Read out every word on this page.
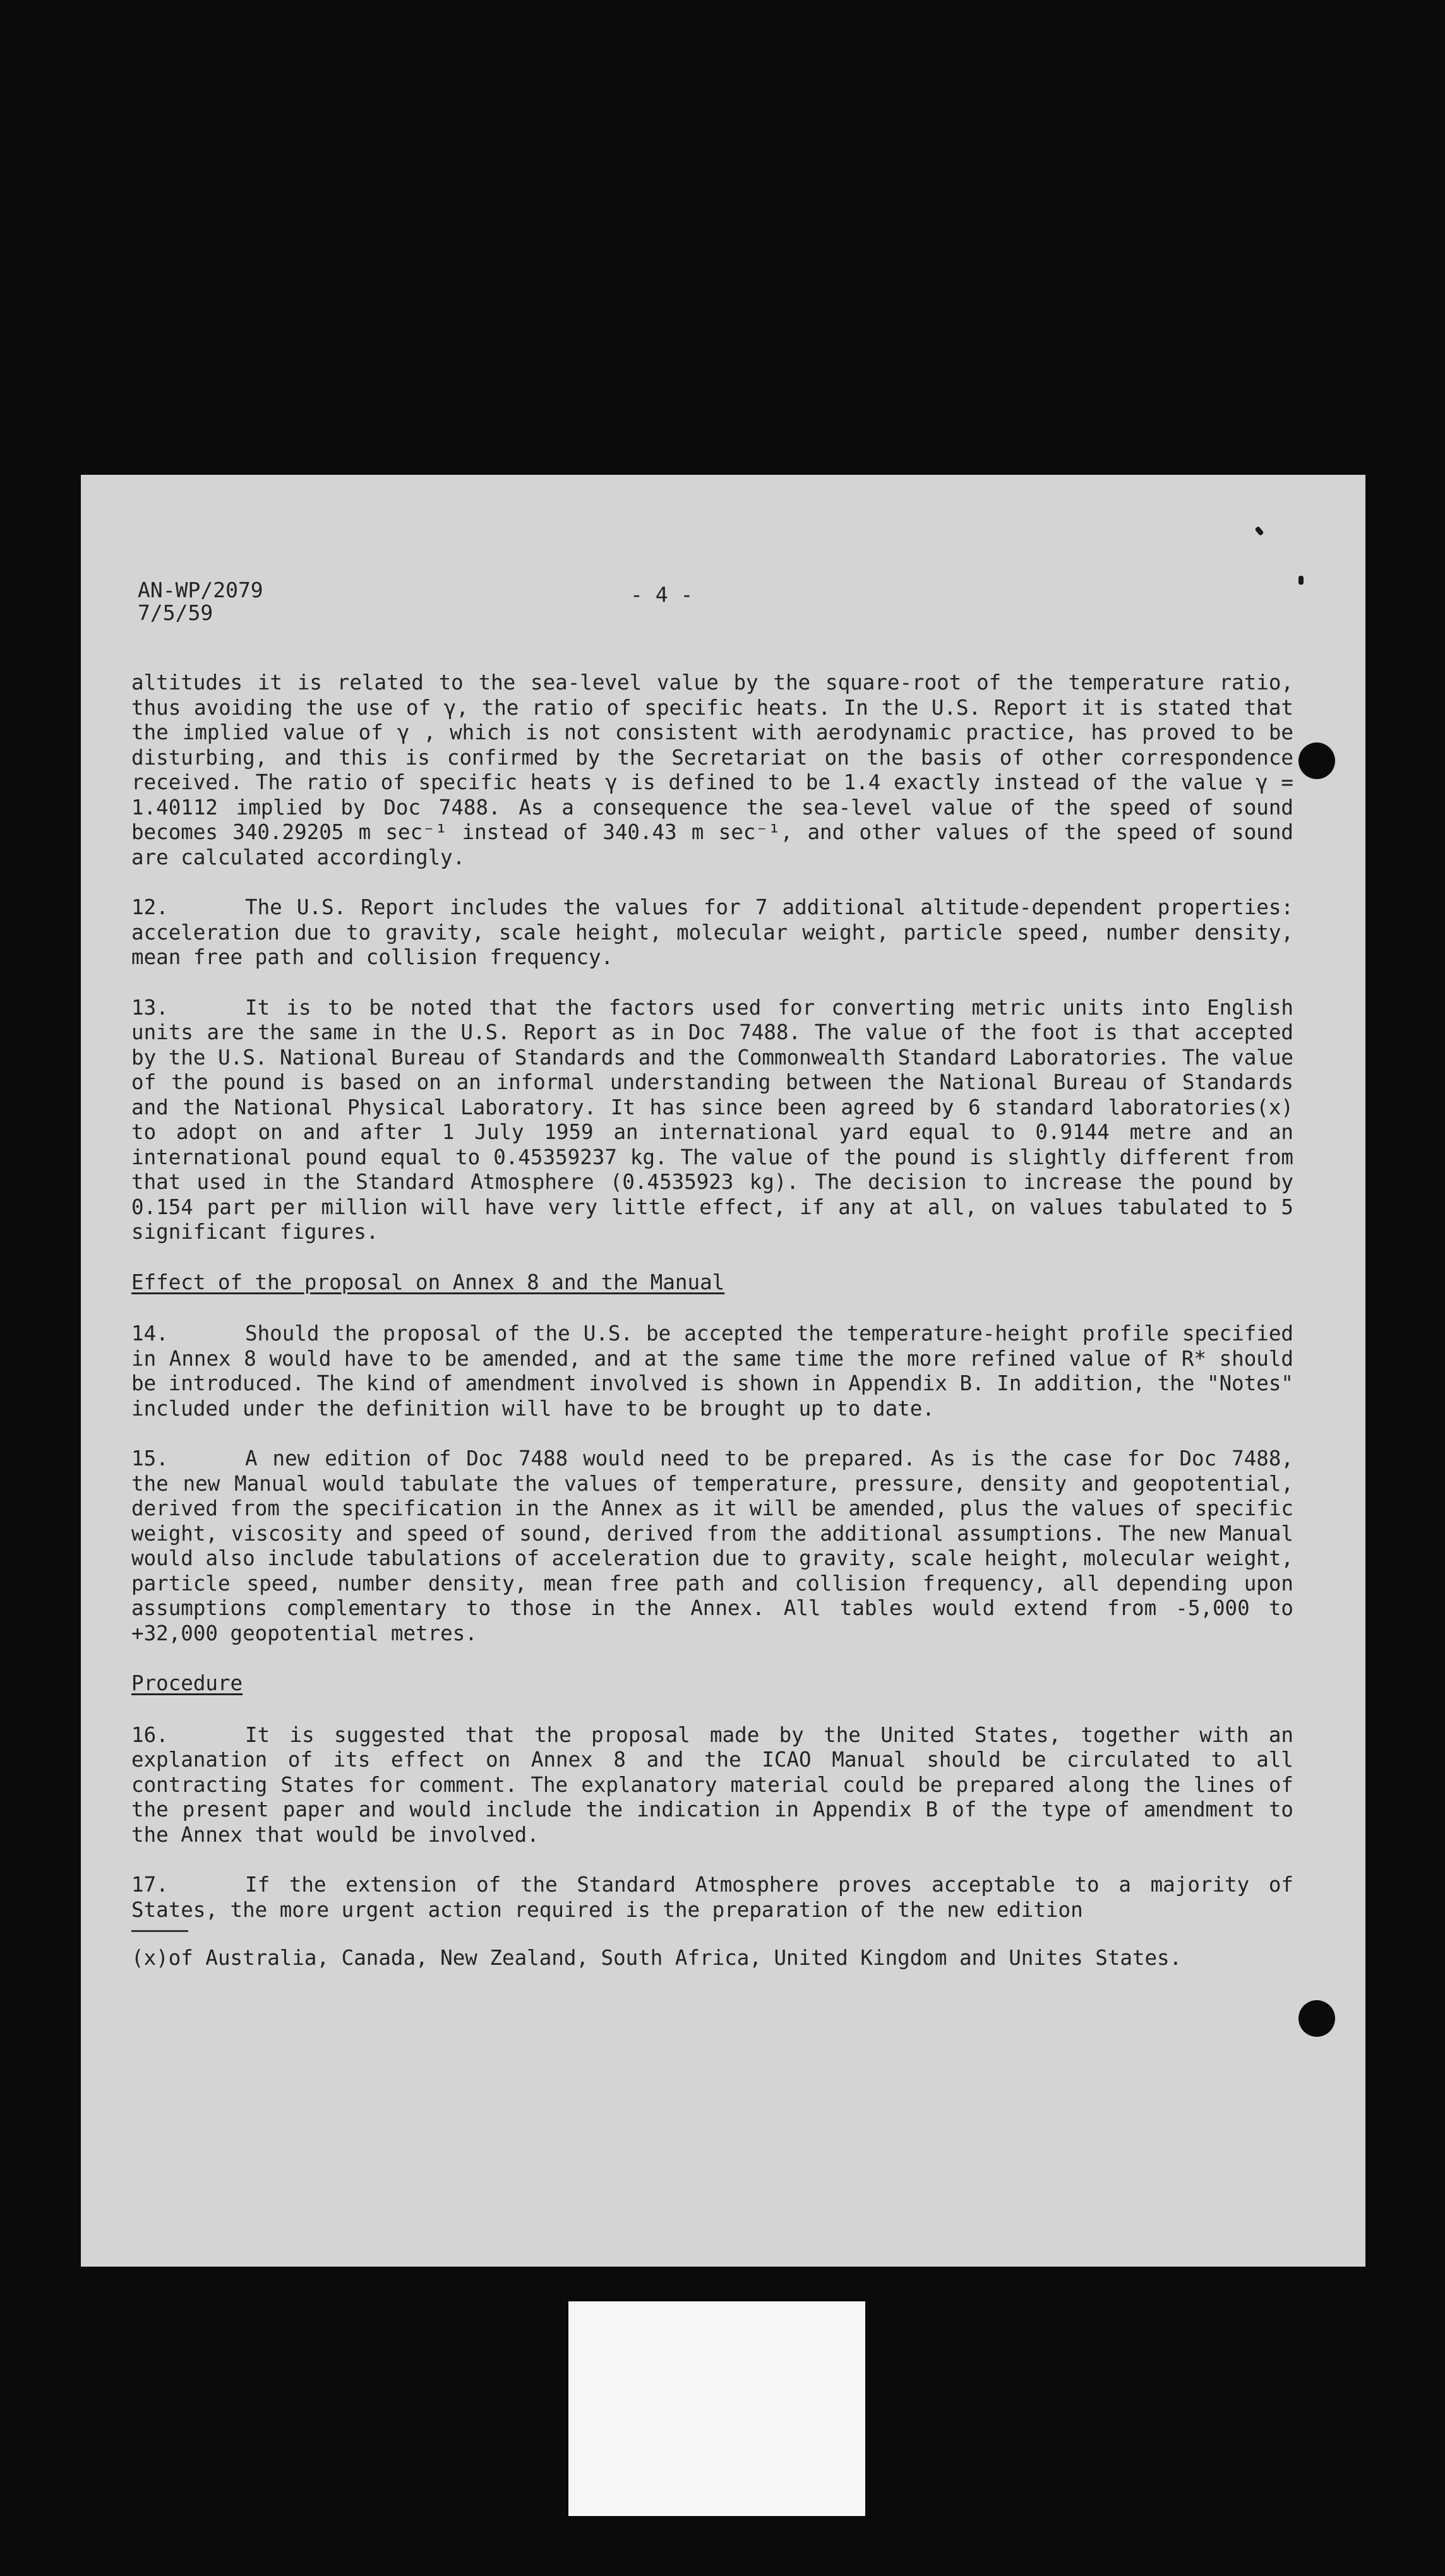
AN-WP/2079
7/5/59
- 4 -

altitudes it is related to the sea-level value by the square-root of the temperature ratio, thus avoiding the use of γ, the ratio of specific heats. In the U.S. Report it is stated that the implied value of γ , which is not consistent with aerodynamic practice, has proved to be disturbing, and this is confirmed by the Secretariat on the basis of other correspondence received. The ratio of specific heats γ is defined to be 1.4 exactly instead of the value γ = 1.40112 implied by Doc 7488. As a consequence the sea-level value of the speed of sound becomes 340.29205 m sec⁻¹ instead of 340.43 m sec⁻¹, and other values of the speed of sound are calculated accordingly.

12.	The U.S. Report includes the values for 7 additional altitude-dependent properties: acceleration due to gravity, scale height, molecular weight, particle speed, number density, mean free path and collision frequency.

13.	It is to be noted that the factors used for converting metric units into English units are the same in the U.S. Report as in Doc 7488. The value of the foot is that accepted by the U.S. National Bureau of Standards and the Commonwealth Standard Laboratories. The value of the pound is based on an informal understanding between the National Bureau of Standards and the National Physical Laboratory. It has since been agreed by 6 standard laboratories(x) to adopt on and after 1 July 1959 an international yard equal to 0.9144 metre and an international pound equal to 0.45359237 kg. The value of the pound is slightly different from that used in the Standard Atmosphere (0.4535923 kg). The decision to increase the pound by 0.154 part per million will have very little effect, if any at all, on values tabulated to 5 significant figures.

Effect of the proposal on Annex 8 and the Manual

14.	Should the proposal of the U.S. be accepted the temperature-height profile specified in Annex 8 would have to be amended, and at the same time the more refined value of R* should be introduced. The kind of amendment involved is shown in Appendix B. In addition, the "Notes" included under the definition will have to be brought up to date.

15.	A new edition of Doc 7488 would need to be prepared. As is the case for Doc 7488, the new Manual would tabulate the values of temperature, pressure, density and geopotential, derived from the specification in the Annex as it will be amended, plus the values of specific weight, viscosity and speed of sound, derived from the additional assumptions. The new Manual would also include tabulations of acceleration due to gravity, scale height, molecular weight, particle speed, number density, mean free path and collision frequency, all depending upon assumptions complementary to those in the Annex. All tables would extend from -5,000 to +32,000 geopotential metres.

Procedure

16.	It is suggested that the proposal made by the United States, together with an explanation of its effect on Annex 8 and the ICAO Manual should be circulated to all contracting States for comment. The explanatory material could be prepared along the lines of the present paper and would include the indication in Appendix B of the type of amendment to the Annex that would be involved.

17.	If the extension of the Standard Atmosphere proves acceptable to a majority of States, the more urgent action required is the preparation of the new edition

(x)of Australia, Canada, New Zealand, South Africa, United Kingdom and Unites States.
